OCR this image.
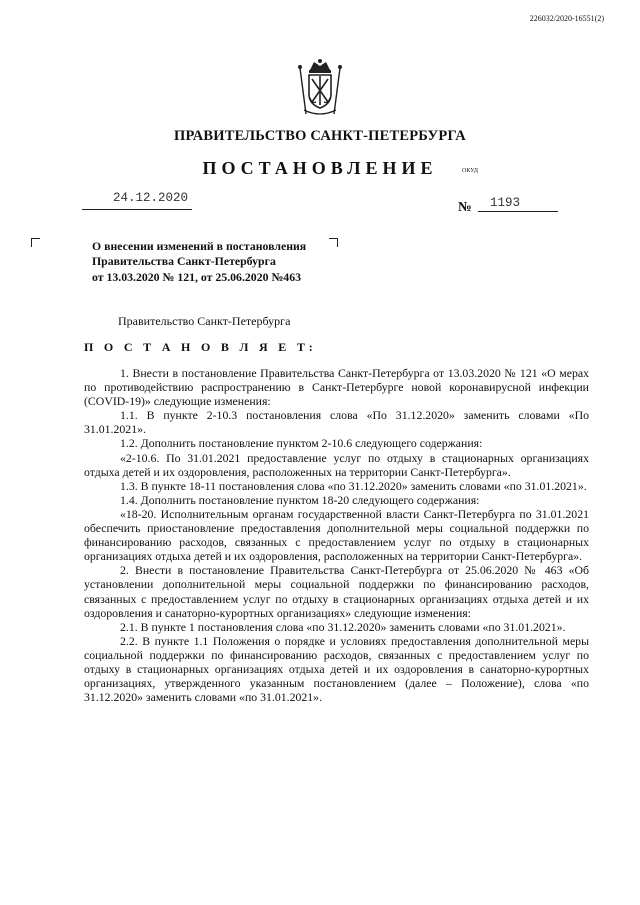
226032/2020-16551(2)
ПРАВИТЕЛЬСТВО САНКТ-ПЕТЕРБУРГА
ПОСТАНОВЛЕНИЕ	ОКУД
24.12.2020
№ 1193
О внесении изменений в постановления
Правительства Санкт-Петербурга
от 13.03.2020 № 121, от 25.06.2020 №463
Правительство Санкт-Петербурга
П О С Т А Н О В Л Я Е Т:

1. Внести в постановление Правительства Санкт-Петербурга от 13.03.2020 № 121 «О мерах по противодействию распространению в Санкт-Петербурге новой коронавирусной инфекции (COVID-19)» следующие изменения:

1.1. В пункте 2-10.3 постановления слова «По 31.12.2020» заменить словами «По 31.01.2021».

1.2. Дополнить постановление пунктом 2-10.6 следующего содержания:

«2-10.6. По 31.01.2021 предоставление услуг по отдыху в стационарных организациях отдыха детей и их оздоровления, расположенных на территории Санкт-Петербурга».

1.3. В пункте 18-11 постановления слова «по 31.12.2020» заменить словами «по 31.01.2021».

1.4. Дополнить постановление пунктом 18-20 следующего содержания:

«18-20. Исполнительным органам государственной власти Санкт-Петербурга по 31.01.2021 обеспечить приостановление предоставления дополнительной меры социальной поддержки по финансированию расходов, связанных с предоставлением услуг по отдыху в стационарных организациях отдыха детей и их оздоровления, расположенных на территории Санкт-Петербурга».

2. Внести в постановление Правительства Санкт-Петербурга от 25.06.2020 № 463 «Об установлении дополнительной меры социальной поддержки по финансированию расходов, связанных с предоставлением услуг по отдыху в стационарных организациях отдыха детей и их оздоровления и санаторно-курортных организациях» следующие изменения:

2.1. В пункте 1 постановления слова «по 31.12.2020» заменить словами «по 31.01.2021».

2.2. В пункте 1.1 Положения о порядке и условиях предоставления дополнительной меры социальной поддержки по финансированию расходов, связанных с предоставлением услуг по отдыху в стационарных организациях отдыха детей и их оздоровления в санаторно-курортных организациях, утвержденного указанным постановлением (далее – Положение), слова «по 31.12.2020» заменить словами «по 31.01.2021».
